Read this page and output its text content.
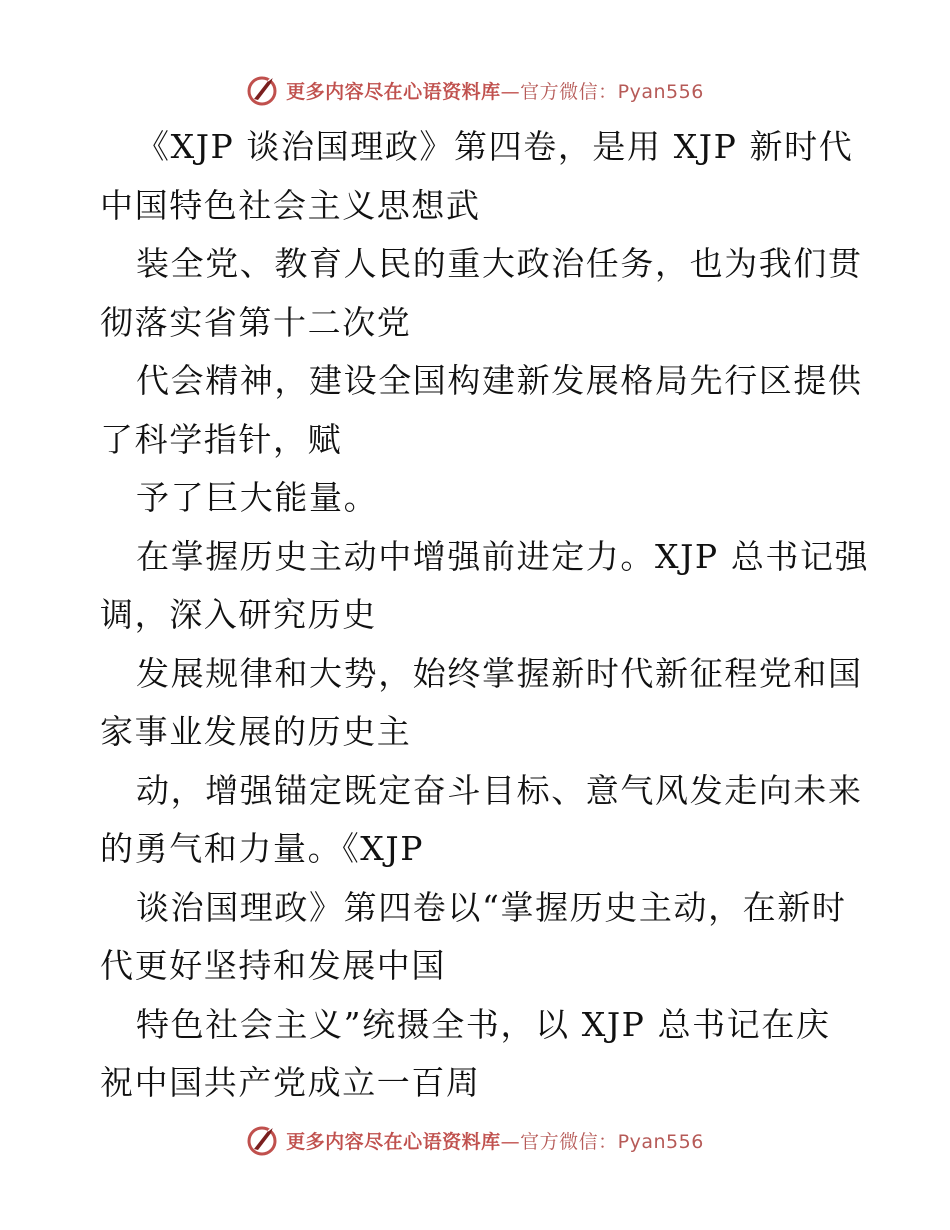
更多内容尽在心语资料库—官方微信：Pyan556
《XJP 谈治国理政》第四卷，是用 XJP 新时代
中国特色社会主义思想武
装全党、教育人民的重大政治任务，也为我们贯
彻落实省第十二次党
代会精神，建设全国构建新发展格局先行区提供
了科学指针，赋
予了巨大能量。
在掌握历史主动中增强前进定力。XJP 总书记强
调，深入研究历史
发展规律和大势，始终掌握新时代新征程党和国
家事业发展的历史主
动，增强锚定既定奋斗目标、意气风发走向未来
的勇气和力量。《XJP
谈治国理政》第四卷以“掌握历史主动，在新时
代更好坚持和发展中国
特色社会主义”统摄全书，以 XJP 总书记在庆
祝中国共产党成立一百周
更多内容尽在心语资料库—官方微信：Pyan556
